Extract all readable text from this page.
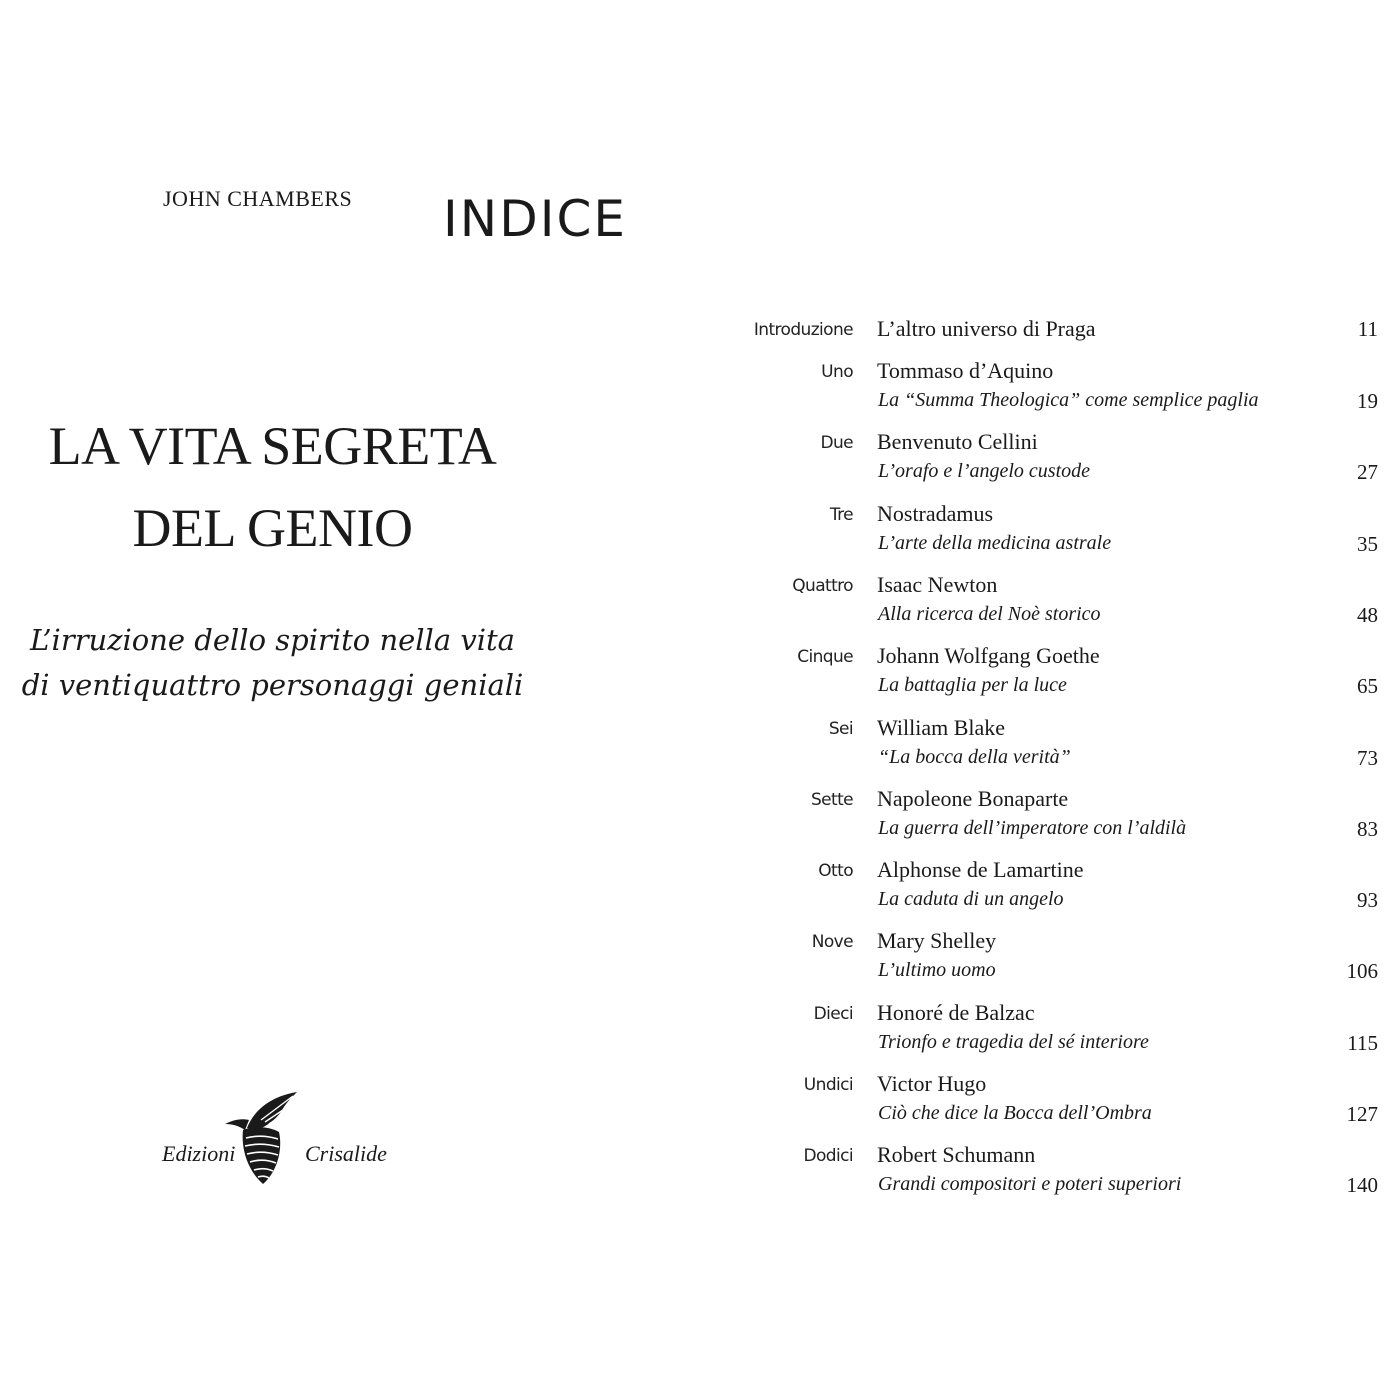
JOHN CHAMBERS
LA VITA SEGRETA
DEL GENIO
L’irruzione dello spirito nella vita
di ventiquattro personaggi geniali
Edizioni	Crisalide
INDICE
Introduzione L’altro universo di Praga	11
Uno Tommaso d’Aquino
La “Summa Theologica” come semplice paglia	19
Due Benvenuto Cellini
L’orafo e l’angelo custode	27
Tre Nostradamus
L’arte della medicina astrale	35
Quattro Isaac Newton
Alla ricerca del Noè storico	48
Cinque Johann Wolfgang Goethe
La battaglia per la luce	65
Sei William Blake
“La bocca della verità”	73
Sette Napoleone Bonaparte
La guerra dell’imperatore con l’aldilà	83
Otto Alphonse de Lamartine
La caduta di un angelo	93
Nove Mary Shelley
L’ultimo uomo	106
Dieci Honoré de Balzac
Trionfo e tragedia del sé interiore	115
Undici Victor Hugo
Ciò che dice la Bocca dell’Ombra	127
Dodici Robert Schumann
Grandi compositori e poteri superiori	140
